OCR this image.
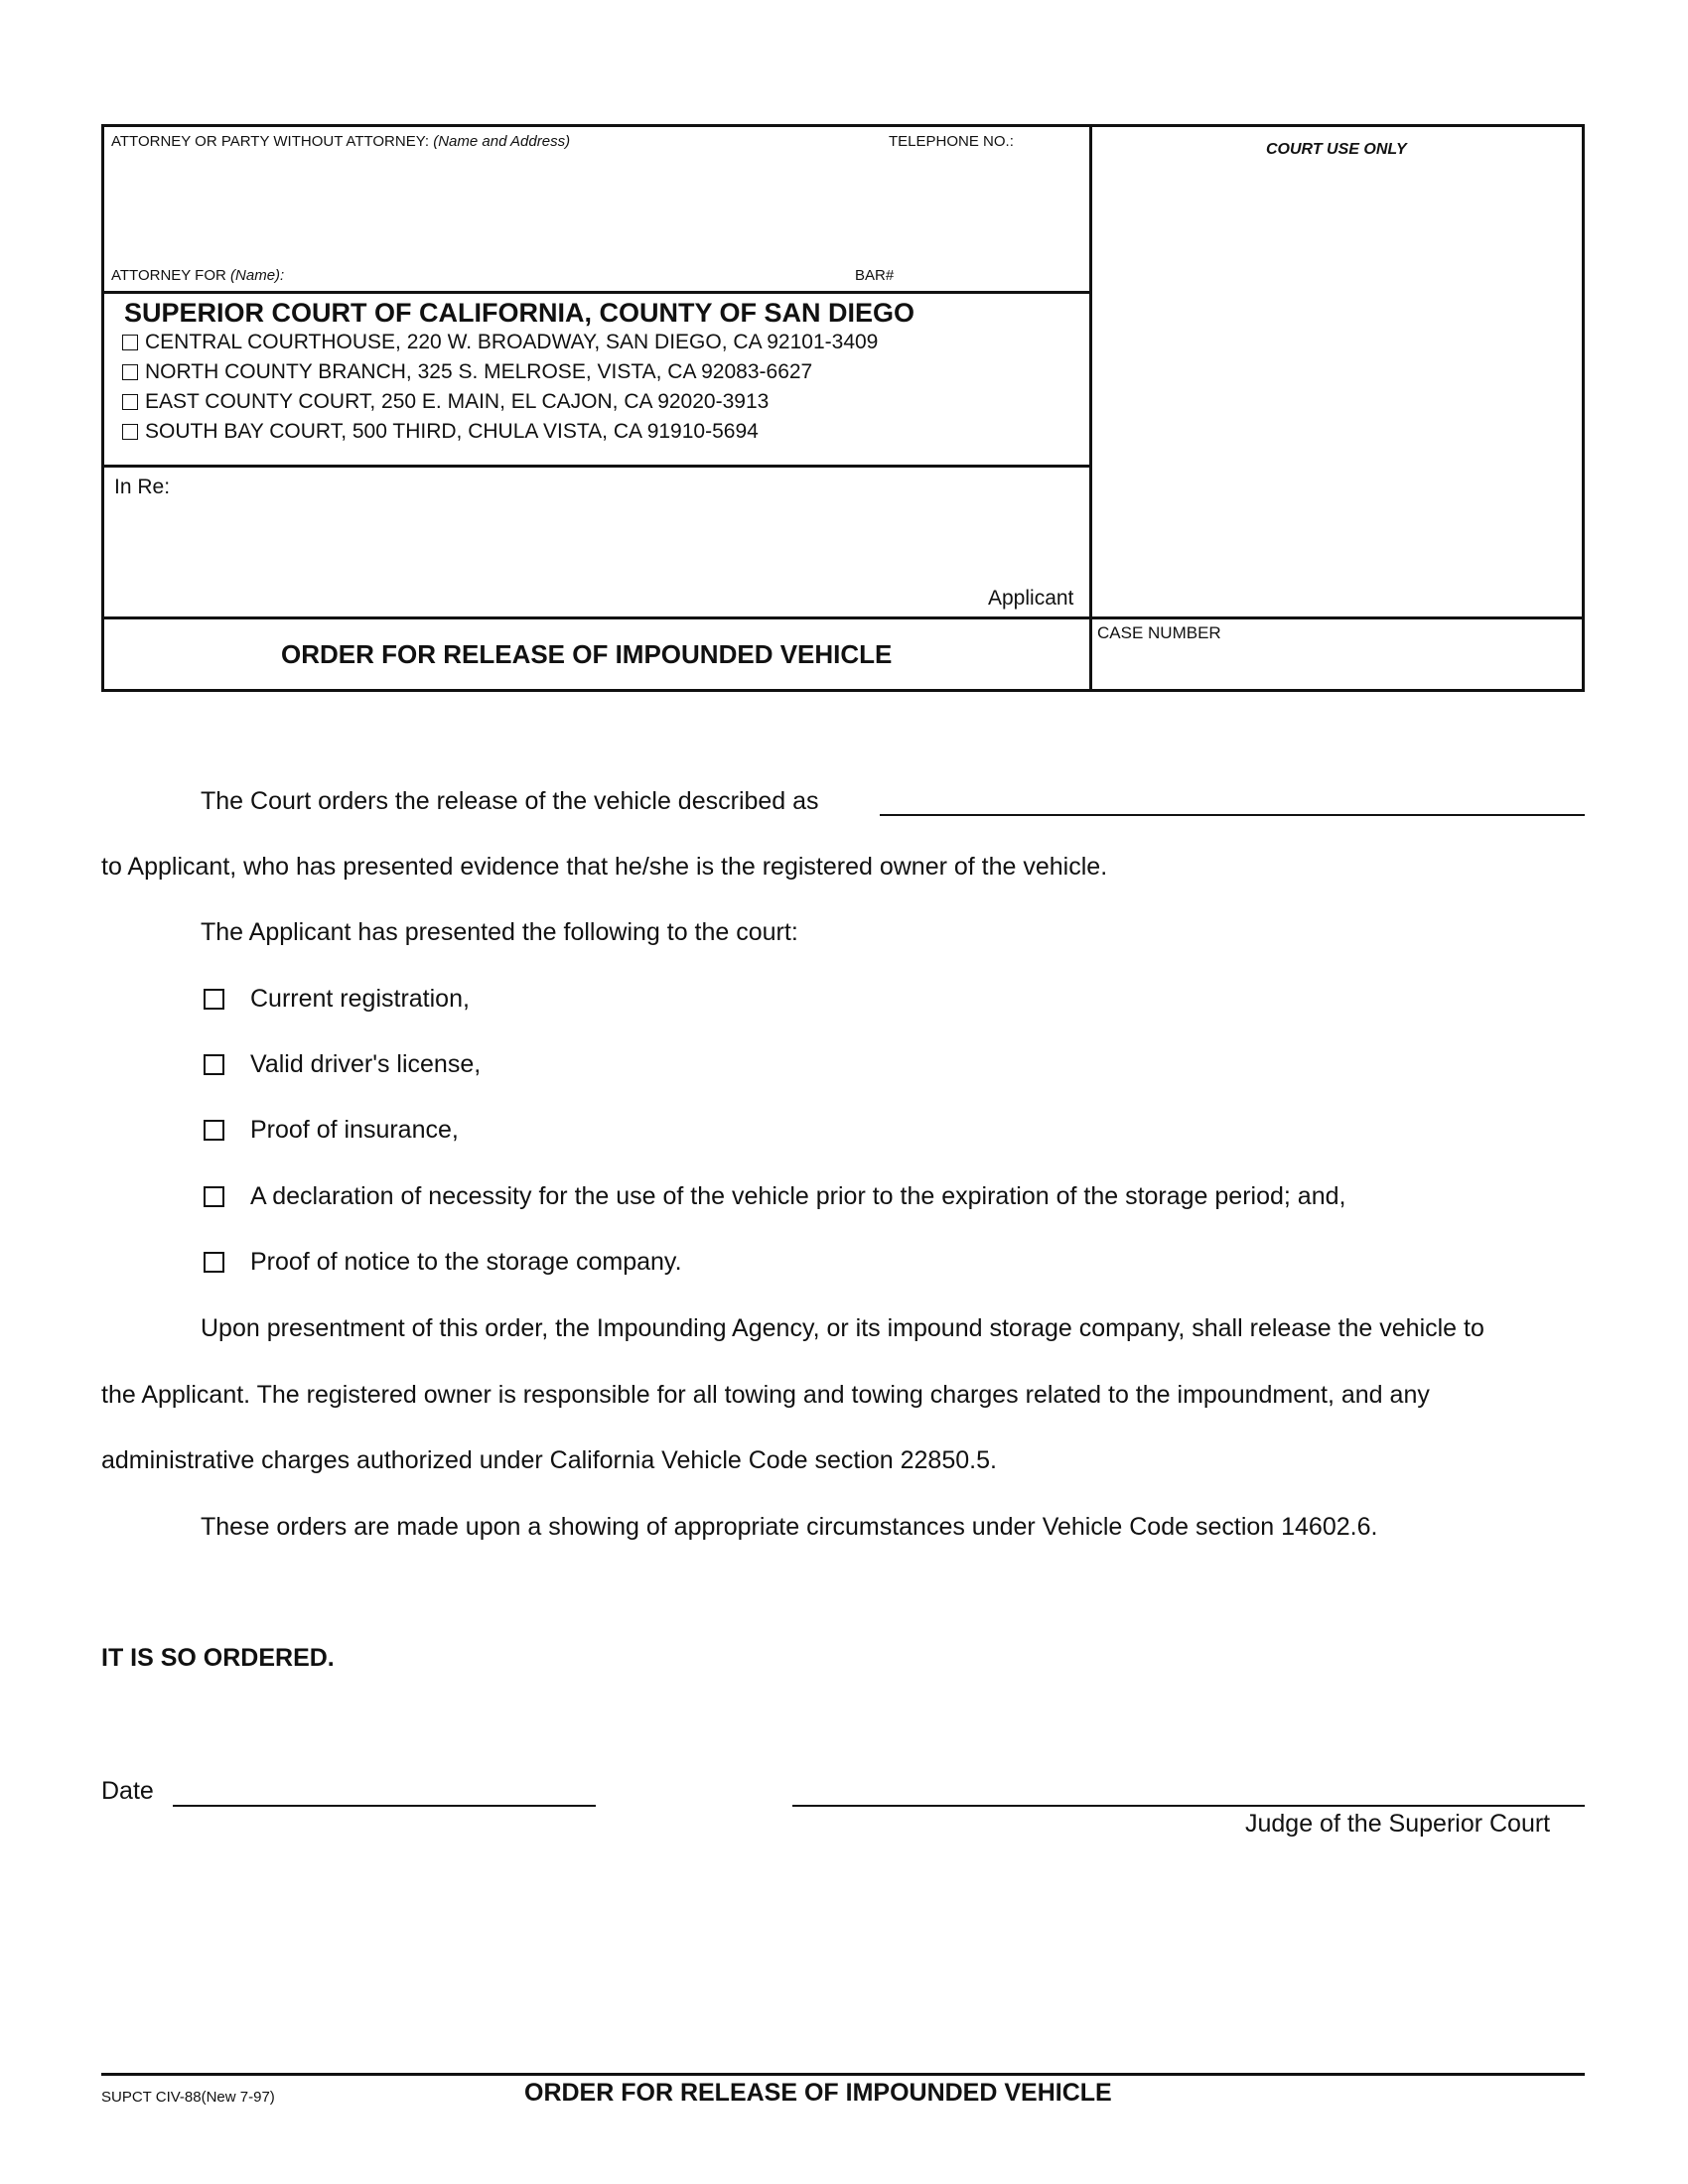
ATTORNEY OR PARTY WITHOUT ATTORNEY: (Name and Address)	TELEPHONE NO.:
ATTORNEY FOR (Name):	BAR#
COURT USE ONLY
SUPERIOR COURT OF CALIFORNIA, COUNTY OF SAN DIEGO
CENTRAL COURTHOUSE, 220 W. BROADWAY, SAN DIEGO, CA 92101-3409
NORTH COUNTY BRANCH, 325 S. MELROSE, VISTA, CA 92083-6627
EAST COUNTY COURT, 250 E. MAIN, EL CAJON, CA 92020-3913
SOUTH BAY COURT, 500 THIRD, CHULA VISTA, CA 91910-5694
In Re:
Applicant
ORDER FOR RELEASE OF IMPOUNDED VEHICLE
CASE NUMBER
The Court orders the release of the vehicle described as
to Applicant, who has presented evidence that he/she is the registered owner of the vehicle.
The Applicant has presented the following to the court:
Current registration,
Valid driver's license,
Proof of insurance,
A declaration of necessity for the use of the vehicle prior to the expiration of the storage period; and,
Proof of notice to the storage company.
Upon presentment of this order, the Impounding Agency, or its impound storage company, shall release the vehicle to
the Applicant. The registered owner is responsible for all towing and towing charges related to the impoundment, and any
administrative charges authorized under California Vehicle Code section 22850.5.
These orders are made upon a showing of appropriate circumstances under Vehicle Code section 14602.6.
IT IS SO ORDERED.
Date
Judge of the Superior Court
SUPCT CIV-88(New 7-97)	ORDER FOR RELEASE OF IMPOUNDED VEHICLE
